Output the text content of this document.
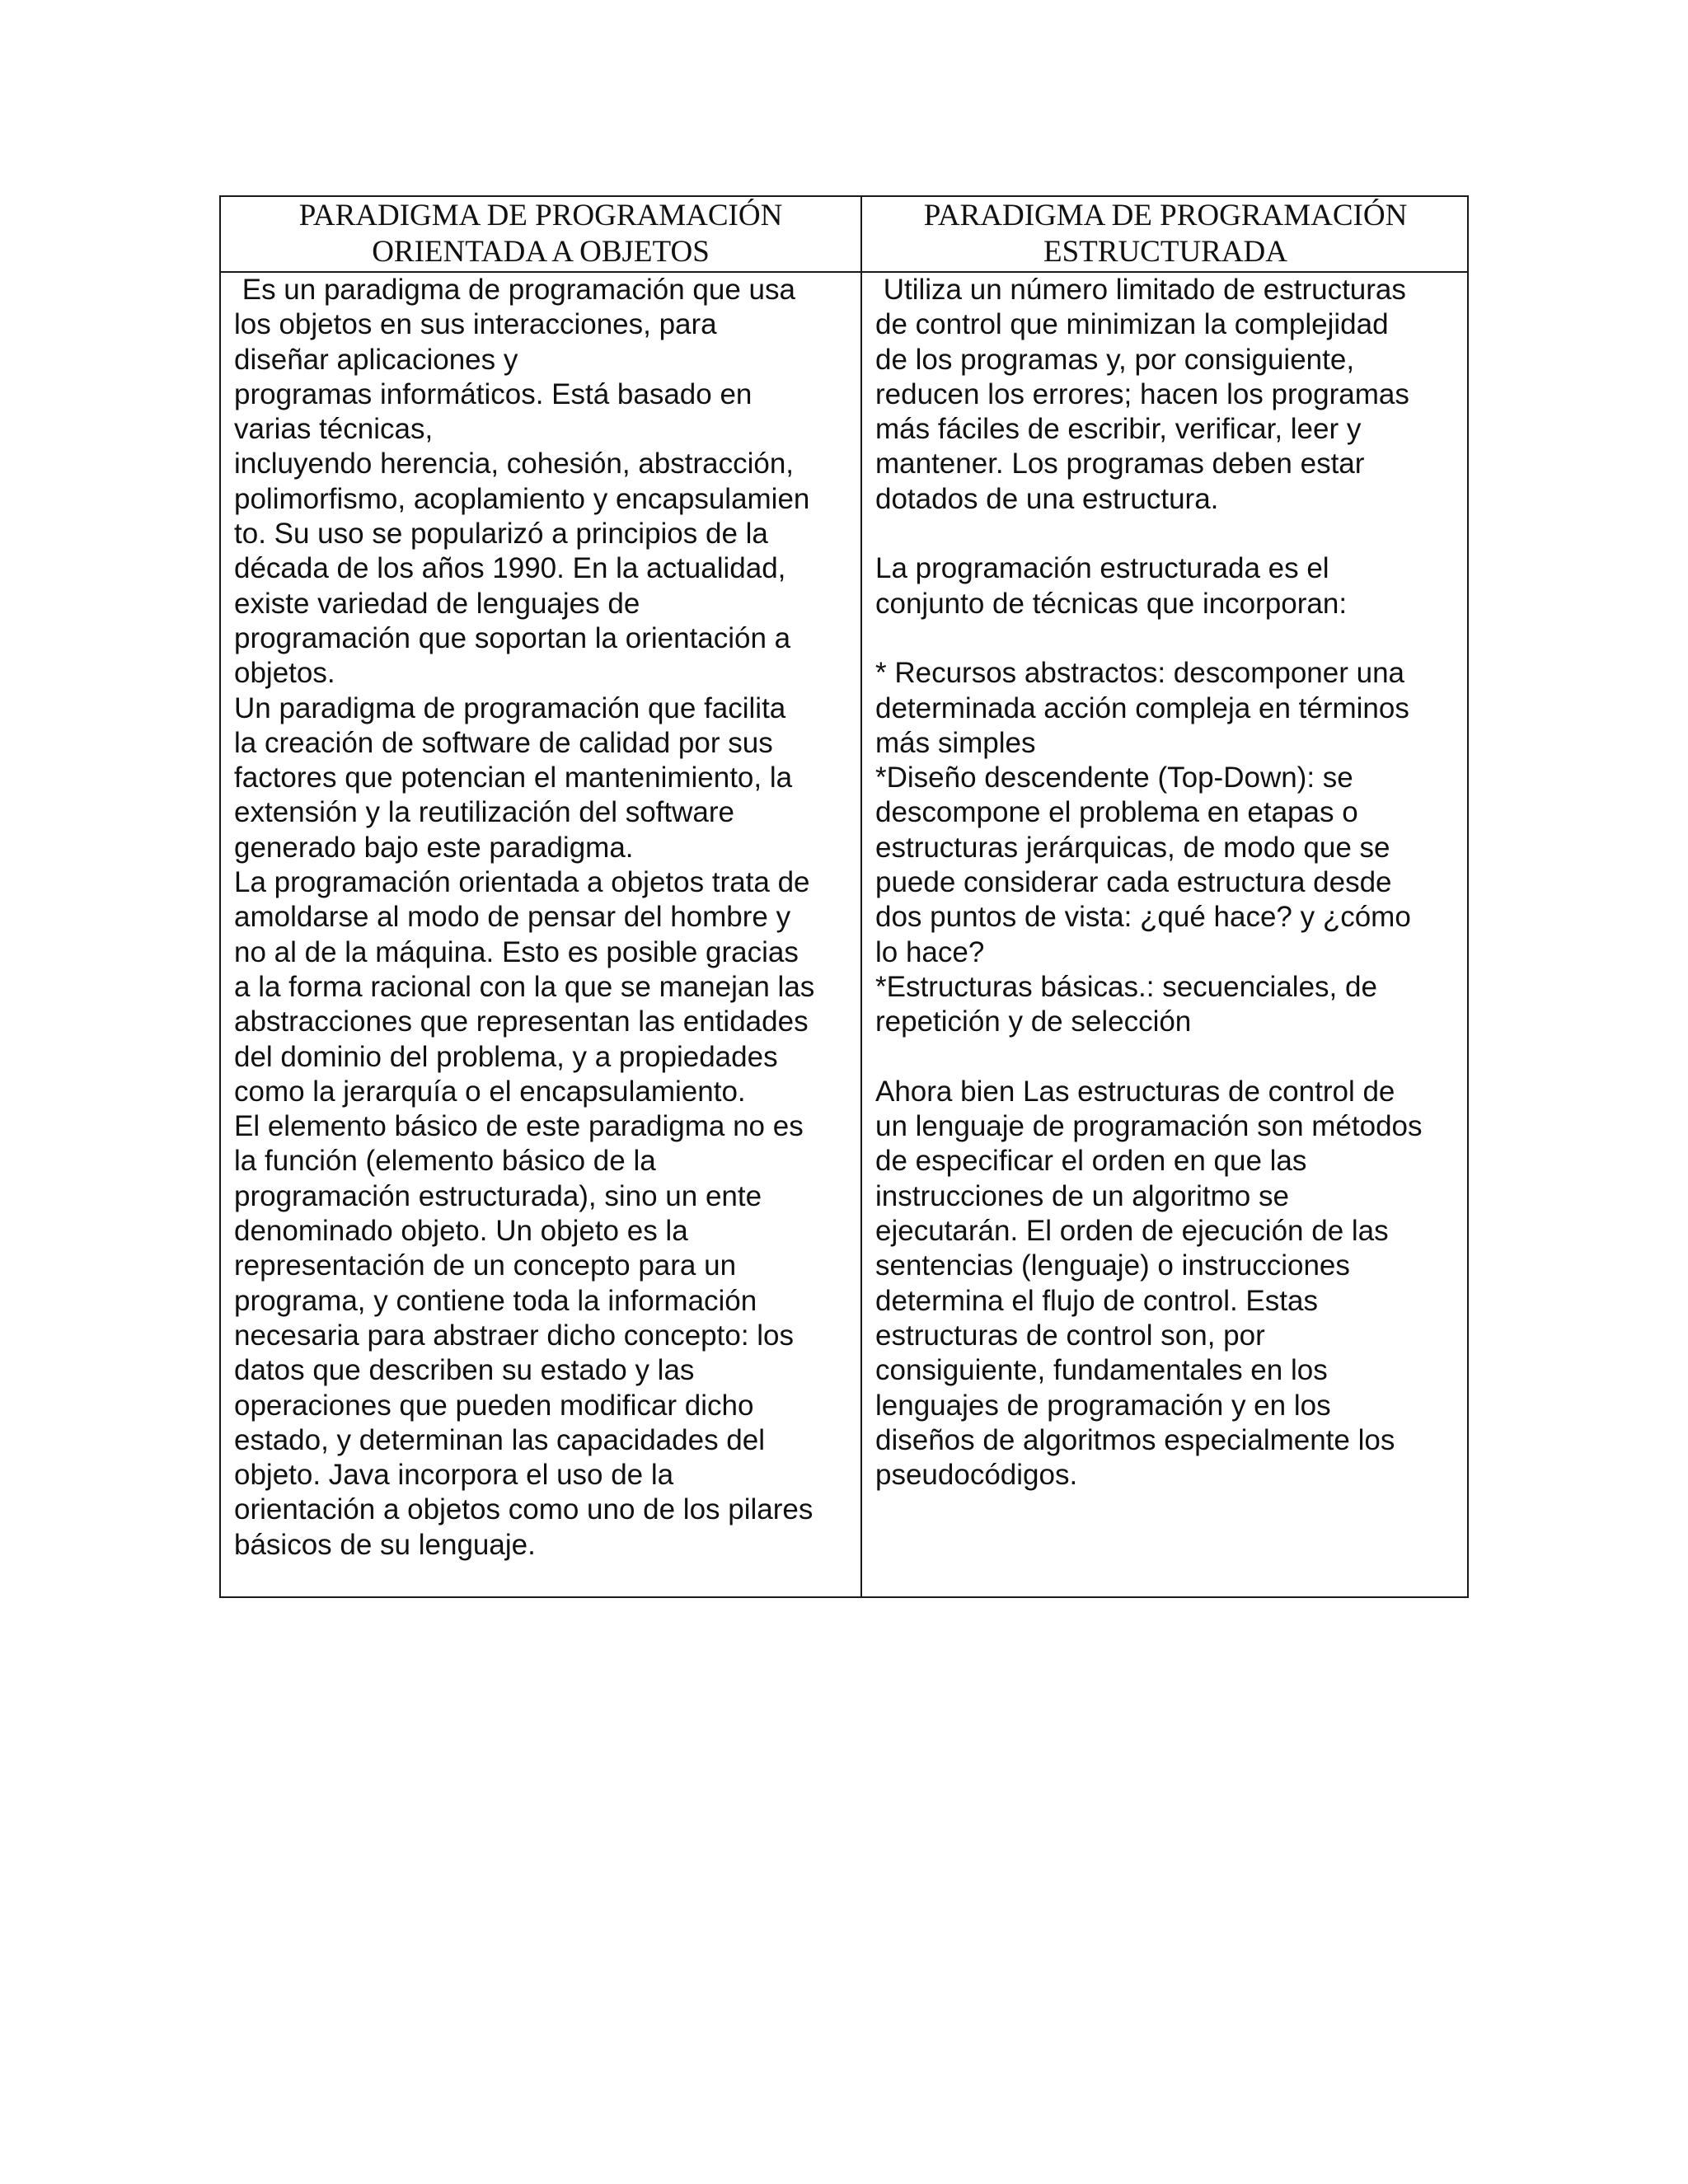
PARADIGMA DE PROGRAMACIÓN
ORIENTADA A OBJETOS
PARADIGMA DE PROGRAMACIÓN
ESTRUCTURADA
Es un paradigma de programación que usa
los objetos en sus interacciones, para
diseñar aplicaciones y
programas informáticos. Está basado en
varias técnicas,
incluyendo herencia, cohesión, abstracción,
polimorfismo, acoplamiento y encapsulamien
to. Su uso se popularizó a principios de la
década de los años 1990. En la actualidad,
existe variedad de lenguajes de
programación que soportan la orientación a
objetos.
Un paradigma de programación que facilita
la creación de software de calidad por sus
factores que potencian el mantenimiento, la
extensión y la reutilización del software
generado bajo este paradigma.
La programación orientada a objetos trata de
amoldarse al modo de pensar del hombre y
no al de la máquina. Esto es posible gracias
a la forma racional con la que se manejan las
abstracciones que representan las entidades
del dominio del problema, y a propiedades
como la jerarquía o el encapsulamiento.
El elemento básico de este paradigma no es
la función (elemento básico de la
programación estructurada), sino un ente
denominado objeto. Un objeto es la
representación de un concepto para un
programa, y contiene toda la información
necesaria para abstraer dicho concepto: los
datos que describen su estado y las
operaciones que pueden modificar dicho
estado, y determinan las capacidades del
objeto. Java incorpora el uso de la
orientación a objetos como uno de los pilares
básicos de su lenguaje.
Utiliza un número limitado de estructuras
de control que minimizan la complejidad
de los programas y, por consiguiente,
reducen los errores; hacen los programas
más fáciles de escribir, verificar, leer y
mantener. Los programas deben estar
dotados de una estructura.
La programación estructurada es el
conjunto de técnicas que incorporan:
* Recursos abstractos: descomponer una
determinada acción compleja en términos
más simples
*Diseño descendente (Top-Down): se
descompone el problema en etapas o
estructuras jerárquicas, de modo que se
puede considerar cada estructura desde
dos puntos de vista: ¿qué hace? y ¿cómo
lo hace?
*Estructuras básicas.: secuenciales, de
repetición y de selección
Ahora bien Las estructuras de control de
un lenguaje de programación son métodos
de especificar el orden en que las
instrucciones de un algoritmo se
ejecutarán. El orden de ejecución de las
sentencias (lenguaje) o instrucciones
determina el flujo de control. Estas
estructuras de control son, por
consiguiente, fundamentales en los
lenguajes de programación y en los
diseños de algoritmos especialmente los
pseudocódigos.
